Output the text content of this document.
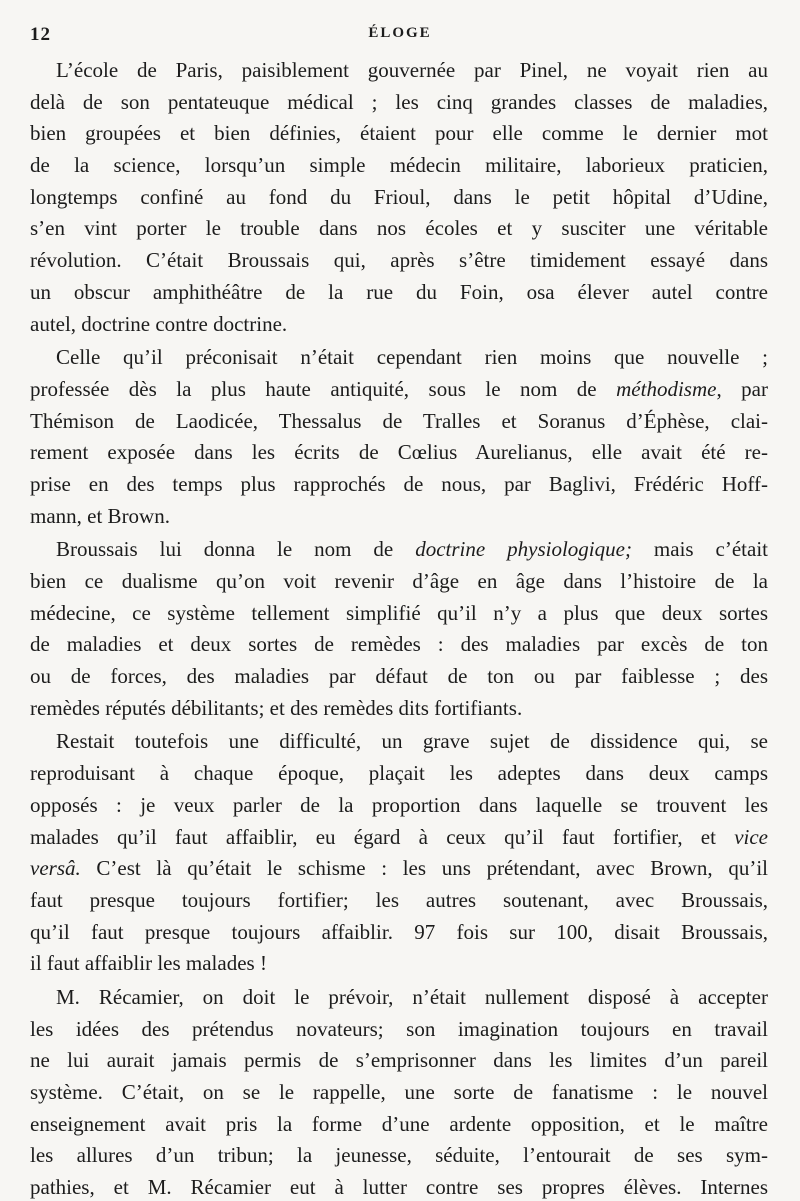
12	ÉLOGE
L’école de Paris, paisiblement gouvernée par Pinel, ne voyait rien au
delà de son pentateuque médical ; les cinq grandes classes de maladies,
bien groupées et bien définies, étaient pour elle comme le dernier mot
de la science, lorsqu’un simple médecin militaire, laborieux praticien,
longtemps confiné au fond du Frioul, dans le petit hôpital d’Udine,
s’en vint porter le trouble dans nos écoles et y susciter une véritable
révolution. C’était Broussais qui, après s’être timidement essayé dans
un obscur amphithéâtre de la rue du Foin, osa élever autel contre
autel, doctrine contre doctrine.
Celle qu’il préconisait n’était cependant rien moins que nouvelle ;
professée dès la plus haute antiquité, sous le nom de méthodisme, par
Thémison de Laodicée, Thessalus de Tralles et Soranus d’Éphèse, clai-
rement exposée dans les écrits de Cœlius Aurelianus, elle avait été re-
prise en des temps plus rapprochés de nous, par Baglivi, Frédéric Hoff-
mann, et Brown.
Broussais lui donna le nom de doctrine physiologique; mais c’était
bien ce dualisme qu’on voit revenir d’âge en âge dans l’histoire de la
médecine, ce système tellement simplifié qu’il n’y a plus que deux sortes
de maladies et deux sortes de remèdes : des maladies par excès de ton
ou de forces, des maladies par défaut de ton ou par faiblesse ; des
remèdes réputés débilitants; et des remèdes dits fortifiants.
Restait toutefois une difficulté, un grave sujet de dissidence qui, se
reproduisant à chaque époque, plaçait les adeptes dans deux camps
opposés : je veux parler de la proportion dans laquelle se trouvent les
malades qu’il faut affaiblir, eu égard à ceux qu’il faut fortifier, et vice
versâ. C’est là qu’était le schisme : les uns prétendant, avec Brown, qu’il
faut presque toujours fortifier; les autres soutenant, avec Broussais,
qu’il faut presque toujours affaiblir. 97 fois sur 100, disait Broussais,
il faut affaiblir les malades !
M. Récamier, on doit le prévoir, n’était nullement disposé à accepter
les idées des prétendus novateurs; son imagination toujours en travail
ne lui aurait jamais permis de s’emprisonner dans les limites d’un pareil
système. C’était, on se le rappelle, une sorte de fanatisme : le nouvel
enseignement avait pris la forme d’une ardente opposition, et le maître
les allures d’un tribun; la jeunesse, séduite, l’entourait de ses sym-
pathies, et M. Récamier eut à lutter contre ses propres élèves. Internes
